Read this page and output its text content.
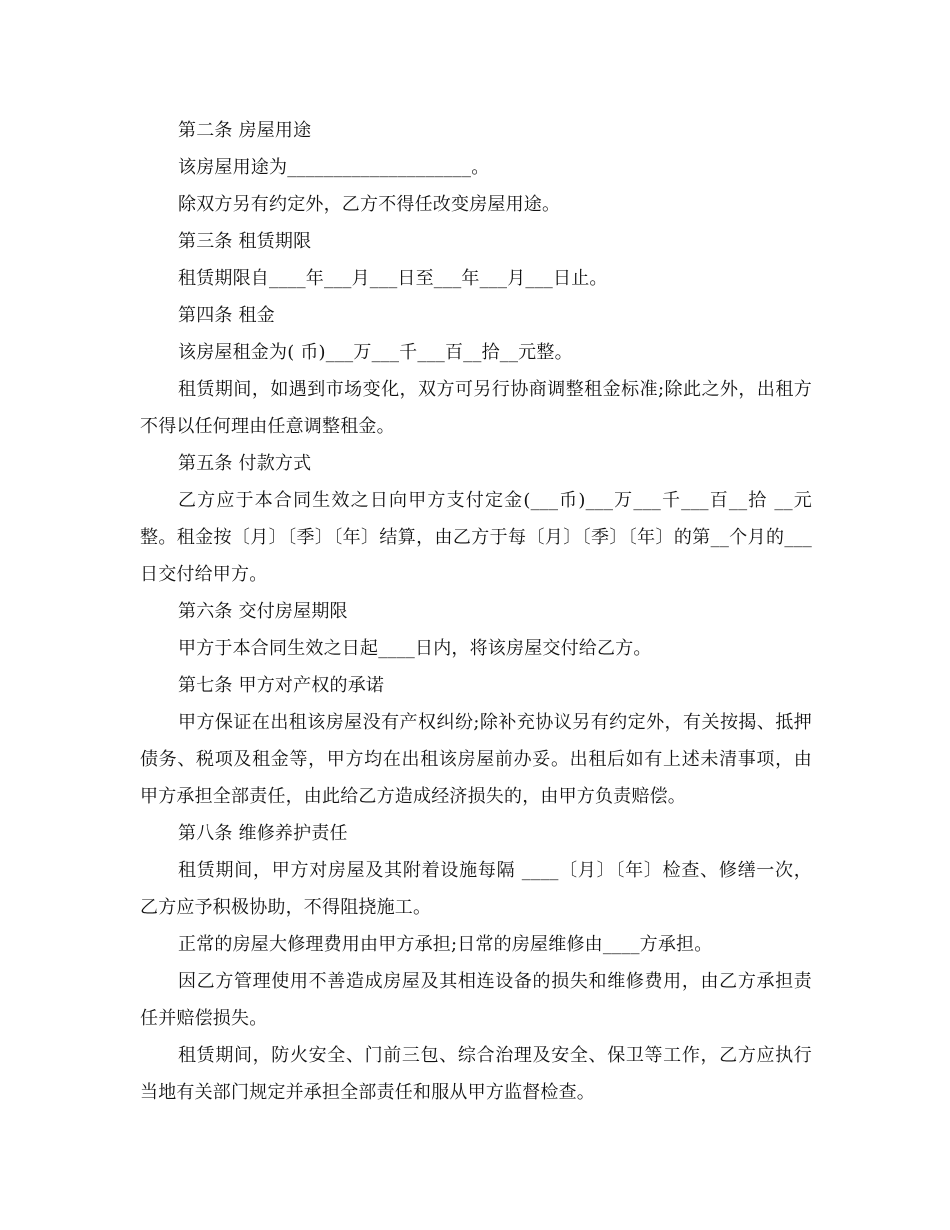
第二条 房屋用途

该房屋用途为____________________。

除双方另有约定外，乙方不得任改变房屋用途。

第三条 租赁期限

租赁期限自____年___月___日至___年___月___日止。

第四条 租金

该房屋租金为( 币)___万___千___百__拾__元整。

租赁期间，如遇到市场变化，双方可另行协商调整租金标准;除此之外，出租方不得以任何理由任意调整租金。

第五条 付款方式

乙方应于本合同生效之日向甲方支付定金(___币)___万___千___百__拾 __元整。租金按〔月〕〔季〕〔年〕结算，由乙方于每〔月〕〔季〕〔年〕的第__个月的___日交付给甲方。

第六条 交付房屋期限

甲方于本合同生效之日起____日内，将该房屋交付给乙方。

第七条 甲方对产权的承诺

甲方保证在出租该房屋没有产权纠纷;除补充协议另有约定外，有关按揭、抵押债务、税项及租金等，甲方均在出租该房屋前办妥。出租后如有上述未清事项，由甲方承担全部责任，由此给乙方造成经济损失的，由甲方负责赔偿。

第八条 维修养护责任

租赁期间，甲方对房屋及其附着设施每隔 ____〔月〕〔年〕检查、修缮一次，乙方应予积极协助，不得阻挠施工。

正常的房屋大修理费用由甲方承担;日常的房屋维修由____方承担。

因乙方管理使用不善造成房屋及其相连设备的损失和维修费用，由乙方承担责任并赔偿损失。

租赁期间，防火安全、门前三包、综合治理及安全、保卫等工作，乙方应执行当地有关部门规定并承担全部责任和服从甲方监督检查。
